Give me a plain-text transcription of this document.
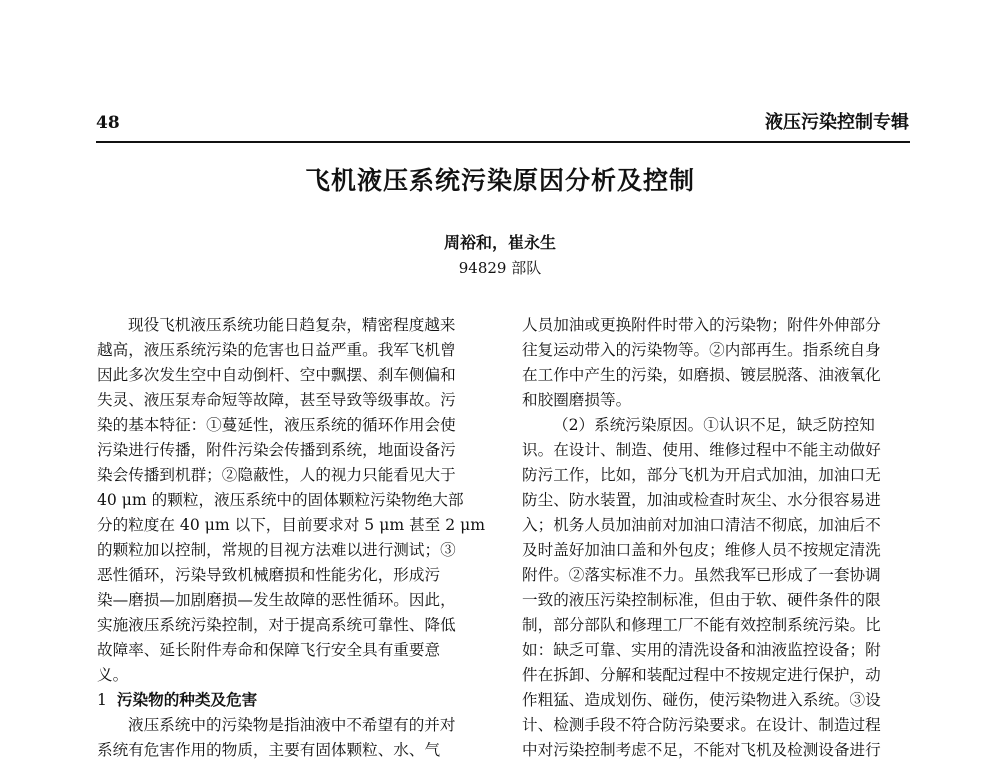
48	液压污染控制专辑
飞机液压系统污染原因分析及控制
周裕和，崔永生
94829 部队
现役飞机液压系统功能日趋复杂，精密程度越来
越高，液压系统污染的危害也日益严重。我军飞机曾
因此多次发生空中自动倒杆、空中飘摆、刹车侧偏和
失灵、液压泵寿命短等故障，甚至导致等级事故。污
染的基本特征：①蔓延性，液压系统的循环作用会使
污染进行传播，附件污染会传播到系统，地面设备污
染会传播到机群；②隐蔽性，人的视力只能看见大于
40 μm 的颗粒，液压系统中的固体颗粒污染物绝大部
分的粒度在 40 μm 以下，目前要求对 5 μm 甚至 2 μm
的颗粒加以控制，常规的目视方法难以进行测试；③
恶性循环，污染导致机械磨损和性能劣化，形成污
染—磨损—加剧磨损—发生故障的恶性循环。因此，
实施液压系统污染控制，对于提高系统可靠性、降低
故障率、延长附件寿命和保障飞行安全具有重要意
义。
1 污染物的种类及危害
液压系统中的污染物是指油液中不希望有的并对
系统有危害作用的物质，主要有固体颗粒、水、气
人员加油或更换附件时带入的污染物；附件外伸部分
往复运动带入的污染物等。②内部再生。指系统自身
在工作中产生的污染，如磨损、镀层脱落、油液氧化
和胶圈磨损等。
（2）系统污染原因。①认识不足，缺乏防控知
识。在设计、制造、使用、维修过程中不能主动做好
防污工作，比如，部分飞机为开启式加油，加油口无
防尘、防水装置，加油或检查时灰尘、水分很容易进
入；机务人员加油前对加油口清洁不彻底，加油后不
及时盖好加油口盖和外包皮；维修人员不按规定清洗
附件。②落实标准不力。虽然我军已形成了一套协调
一致的液压污染控制标准，但由于软、硬件条件的限
制，部分部队和修理工厂不能有效控制系统污染。比
如：缺乏可靠、实用的清洗设备和油液监控设备；附
件在拆卸、分解和装配过程中不按规定进行保护，动
作粗猛、造成划伤、碰伤，使污染物进入系统。③设
计、检测手段不符合防污染要求。在设计、制造过程
中对污染控制考虑不足，不能对飞机及检测设备进行
